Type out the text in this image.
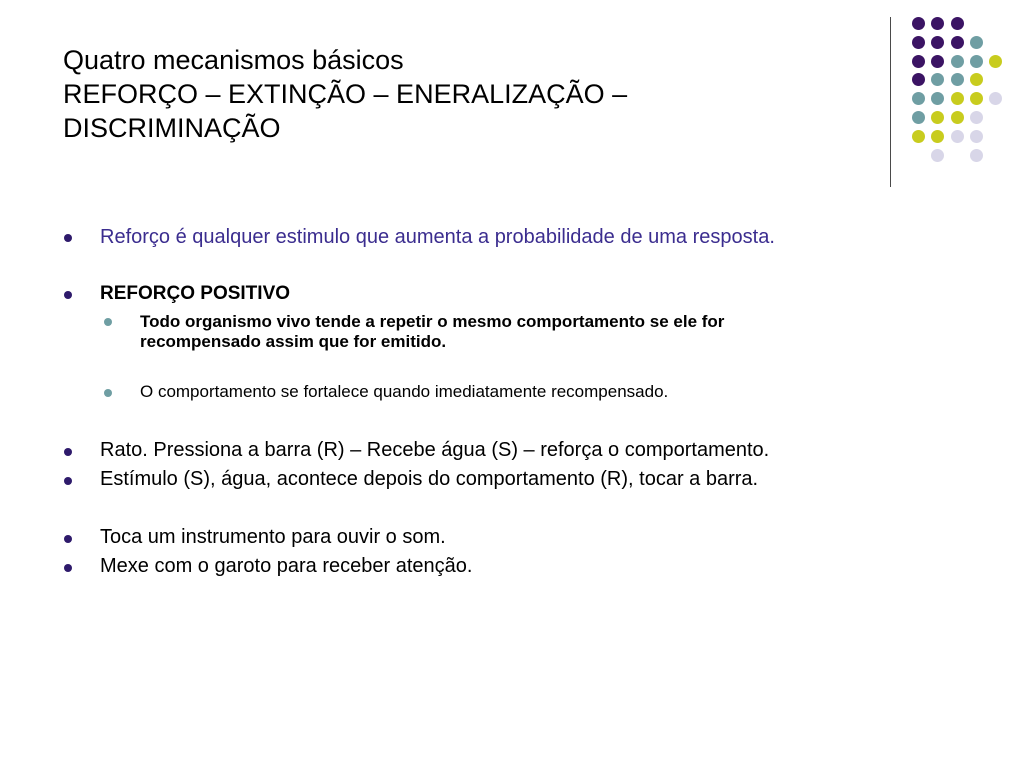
Quatro mecanismos básicos
REFORÇO – EXTINÇÃO – ENERALIZAÇÃO –
DISCRIMINAÇÃO
Reforço é qualquer estimulo que aumenta a probabilidade de uma resposta.
REFORÇO POSITIVO
Todo organismo vivo tende a repetir o mesmo comportamento se ele for
recompensado assim que for emitido.
O comportamento se fortalece quando imediatamente recompensado.
Rato. Pressiona a barra (R) – Recebe água (S) – reforça o comportamento.
Estímulo (S), água, acontece depois do comportamento (R), tocar a barra.
Toca um instrumento para ouvir o som.
Mexe com o garoto para receber atenção.
